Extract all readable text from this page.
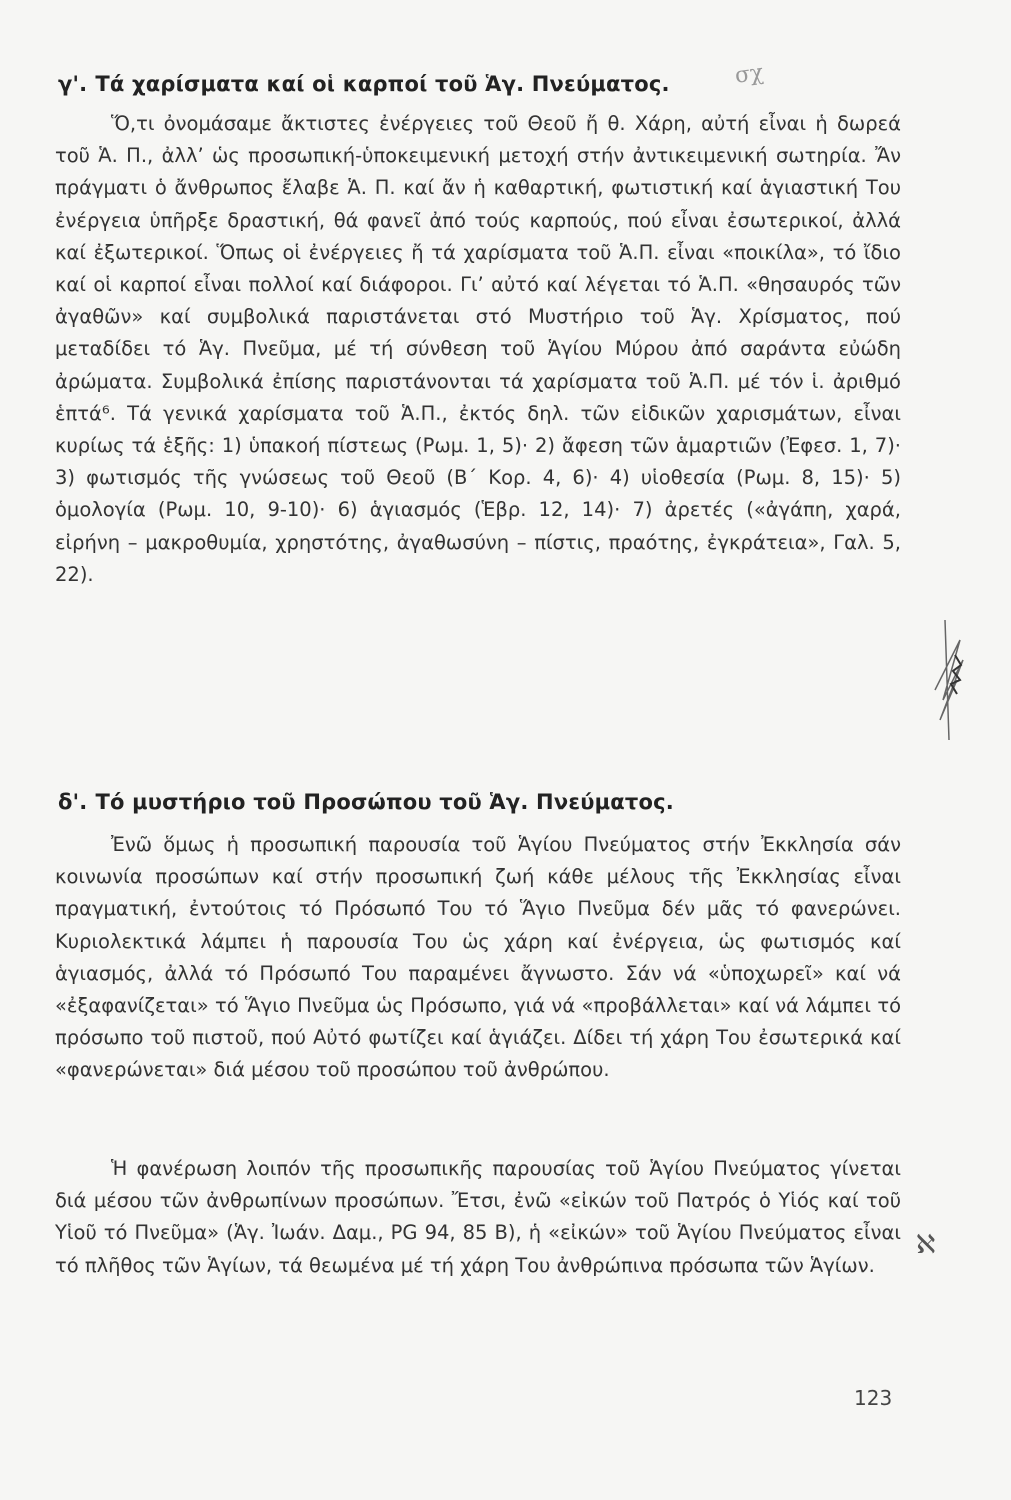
σχ
γ'. Τά χαρίσματα καί οἱ καρποί τοῦ Ἁγ. Πνεύματος.
Ὅ,τι ὀνομάσαμε ἄκτιστες ἐνέργειες τοῦ Θεοῦ ἤ θ. Χάρη, αὐτή εἶναι ἡ δωρεά τοῦ Ἁ. Π., ἀλλ’ ὡς προσωπική-ὑποκειμενική μετοχή στήν ἀντικειμενική σωτηρία. Ἄν πράγματι ὁ ἄνθρωπος ἔλαβε Ἁ. Π. καί ἄν ἡ καθαρτική, φωτιστική καί ἁγιαστική Του ἐνέργεια ὑπῆρξε δραστική, θά φανεῖ ἀπό τούς καρπούς, πού εἶναι ἐσωτερικοί, ἀλλά καί ἐξωτερικοί. Ὅπως οἱ ἐνέργειες ἤ τά χαρίσματα τοῦ Ἁ.Π. εἶναι «ποικίλα», τό ἴδιο καί οἱ καρποί εἶναι πολλοί καί διάφοροι. Γι’ αὐτό καί λέγεται τό Ἁ.Π. «θησαυρός τῶν ἀγαθῶν» καί συμβολικά παριστάνεται στό Μυστήριο τοῦ Ἁγ. Χρίσματος, πού μεταδίδει τό Ἁγ. Πνεῦμα, μέ τή σύνθεση τοῦ Ἁγίου Μύρου ἀπό σαράντα εὐώδη ἀρώματα. Συμβολικά ἐπίσης παριστάνονται τά χαρίσματα τοῦ Ἁ.Π. μέ τόν ἱ. ἀριθμό ἑπτά⁶. Τά γενικά χαρίσματα τοῦ Ἁ.Π., ἐκτός δηλ. τῶν εἰδικῶν χαρισμάτων, εἶναι κυρίως τά ἑξῆς: 1) ὑπακοή πίστεως (Ρωμ. 1, 5)· 2) ἄφεση τῶν ἁμαρτιῶν (Ἐφεσ. 1, 7)· 3) φωτισμός τῆς γνώσεως τοῦ Θεοῦ (Β΄ Κορ. 4, 6)· 4) υἱοθεσία (Ρωμ. 8, 15)· 5) ὁμολογία (Ρωμ. 10, 9-10)· 6) ἁγιασμός (Ἑβρ. 12, 14)· 7) ἀρετές («ἀγάπη, χαρά, εἰρήνη – μακροθυμία, χρηστότης, ἀγαθωσύνη – πίστις, πραότης, ἐγκράτεια», Γαλ. 5, 22).
δ'. Τό μυστήριο τοῦ Προσώπου τοῦ Ἁγ. Πνεύματος.
Ἐνῶ ὅμως ἡ προσωπική παρουσία τοῦ Ἁγίου Πνεύματος στήν Ἐκκλησία σάν κοινωνία προσώπων καί στήν προσωπική ζωή κάθε μέλους τῆς Ἐκκλησίας εἶναι πραγματική, ἐντούτοις τό Πρόσωπό Του τό Ἅγιο Πνεῦμα δέν μᾶς τό φανερώνει. Κυριολεκτικά λάμπει ἡ παρουσία Του ὡς χάρη καί ἐνέργεια, ὡς φωτισμός καί ἁγιασμός, ἀλλά τό Πρόσωπό Του παραμένει ἄγνωστο. Σάν νά «ὑποχωρεῖ» καί νά «ἐξαφανίζεται» τό Ἅγιο Πνεῦμα ὡς Πρόσωπο, γιά νά «προβάλλεται» καί νά λάμπει τό πρόσωπο τοῦ πιστοῦ, πού Αὐτό φωτίζει καί ἁγιάζει. Δίδει τή χάρη Του ἐσωτερικά καί «φανερώνεται» διά μέσου τοῦ προσώπου τοῦ ἀνθρώπου.
Ἡ φανέρωση λοιπόν τῆς προσωπικῆς παρουσίας τοῦ Ἁγίου Πνεύματος γίνεται διά μέσου τῶν ἀνθρωπίνων προσώπων. Ἔτσι, ἐνῶ «εἰκών τοῦ Πατρός ὁ Υἱός καί τοῦ Υἱοῦ τό Πνεῦμα» (Ἁγ. Ἰωάν. Δαμ., PG 94, 85 Β), ἡ «εἰκών» τοῦ Ἁγίου Πνεύματος εἶναι τό πλῆθος τῶν Ἁγίων, τά θεωμένα μέ τή χάρη Του ἀνθρώπινα πρόσωπα τῶν Ἁγίων.
ℵ
123
